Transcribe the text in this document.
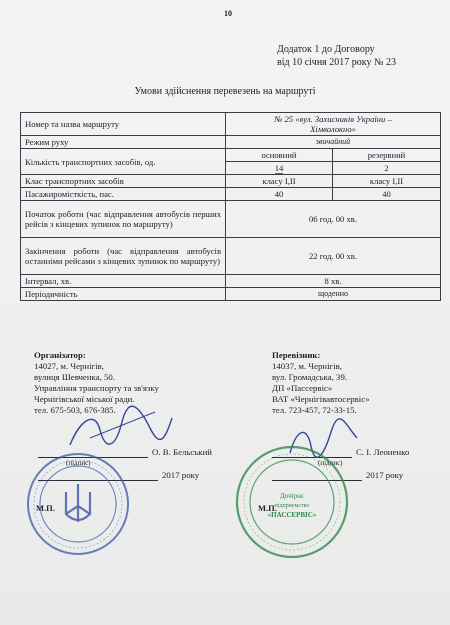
10
Додаток 1 до Договору
від 10 січня 2017 року № 23
Умови здійснення перевезень на маршруті
Номер та назва маршруту	№ 25 «вул. Захисників України –
Хімволокно»	

Режим руху	звичайний	
Кількість транспортних засобів, од.	основний	резервний
	14	2
Клас транспортних засобів	класу І,ІІ	класу І,ІІ
Пасажиромісткість, пас.	40	40
Початок роботи (час відправлення автобусів перших рейсів з кінцевих зупинок по маршруту)	06 год. 00 хв.	
Закінчення роботи (час відправлення автобусів останніми рейсами з кінцевих зупинок по маршруту)	22 год. 00 хв.	
Інтервал, хв.	8 хв.	
Періодичність	щоденно	
Організатор:
14027, м. Чернігів,
вулиця Шевченка, 50.
Управління транспорту та зв'язку
Чернігівської міської ради.
тел. 675-503, 676-385.
Перевізник:
14037, м. Чернігів,
вул. Громадська, 39.
ДП «Пассервіс»
ВАТ «Чернігівавтосервіс»
тел. 723-457, 72-33-15.
О. В. Бельський
(підпис)
2017 року
М.П.
С. І. Леоненко
(підпис)
2017 року
М.П.
Дочірнє
підприємство
«ПАССЕРВІС»
